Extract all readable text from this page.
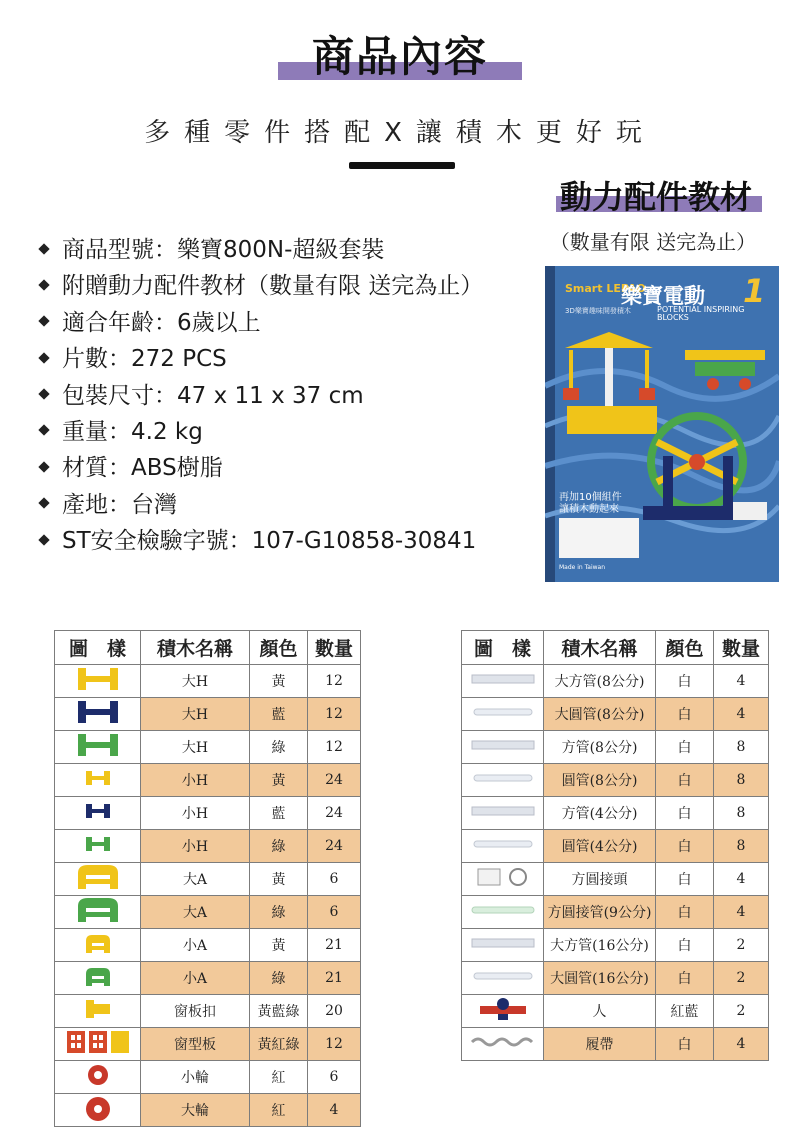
商品內容
多種零件搭配X讓積木更好玩
商品型號：樂寶800N-超級套裝
附贈動力配件教材（數量有限 送完為止）
適合年齡：6歲以上
片數：272 PCS
包裝尺寸：47 x 11 x 37 cm
重量：4.2 kg
材質：ABS樹脂
產地：台灣
ST安全檢驗字號：107-G10858-30841
動力配件教材
（數量有限 送完為止）
Smart LEPAO
樂寶電動 1
3D樂寶趣味開發積木	POTENTIAL INSPIRING BLOCKS
再加10個組件
讓積木動起來
Made in Taiwan
圖　樣	積木名稱	顏色	數量
	大H	黃	12
	大H	藍	12
	大H	綠	12
	小H	黃	24
	小H	藍	24
	小H	綠	24
	大A	黃	6
	大A	綠	6
	小A	黃	21
	小A	綠	21
	窗板扣	黃藍綠	20
	窗型板	黃紅綠	12
	小輪	紅	6
	大輪	紅	4
圖　樣	積木名稱	顏色	數量
	大方管(8公分)	白	4
	大圓管(8公分)	白	4
	方管(8公分)	白	8
	圓管(8公分)	白	8
	方管(4公分)	白	8
	圓管(4公分)	白	8
	方圓接頭	白	4
	方圓接管(9公分)	白	4
	大方管(16公分)	白	2
	大圓管(16公分)	白	2
	人	紅藍	2
	履帶	白	4
